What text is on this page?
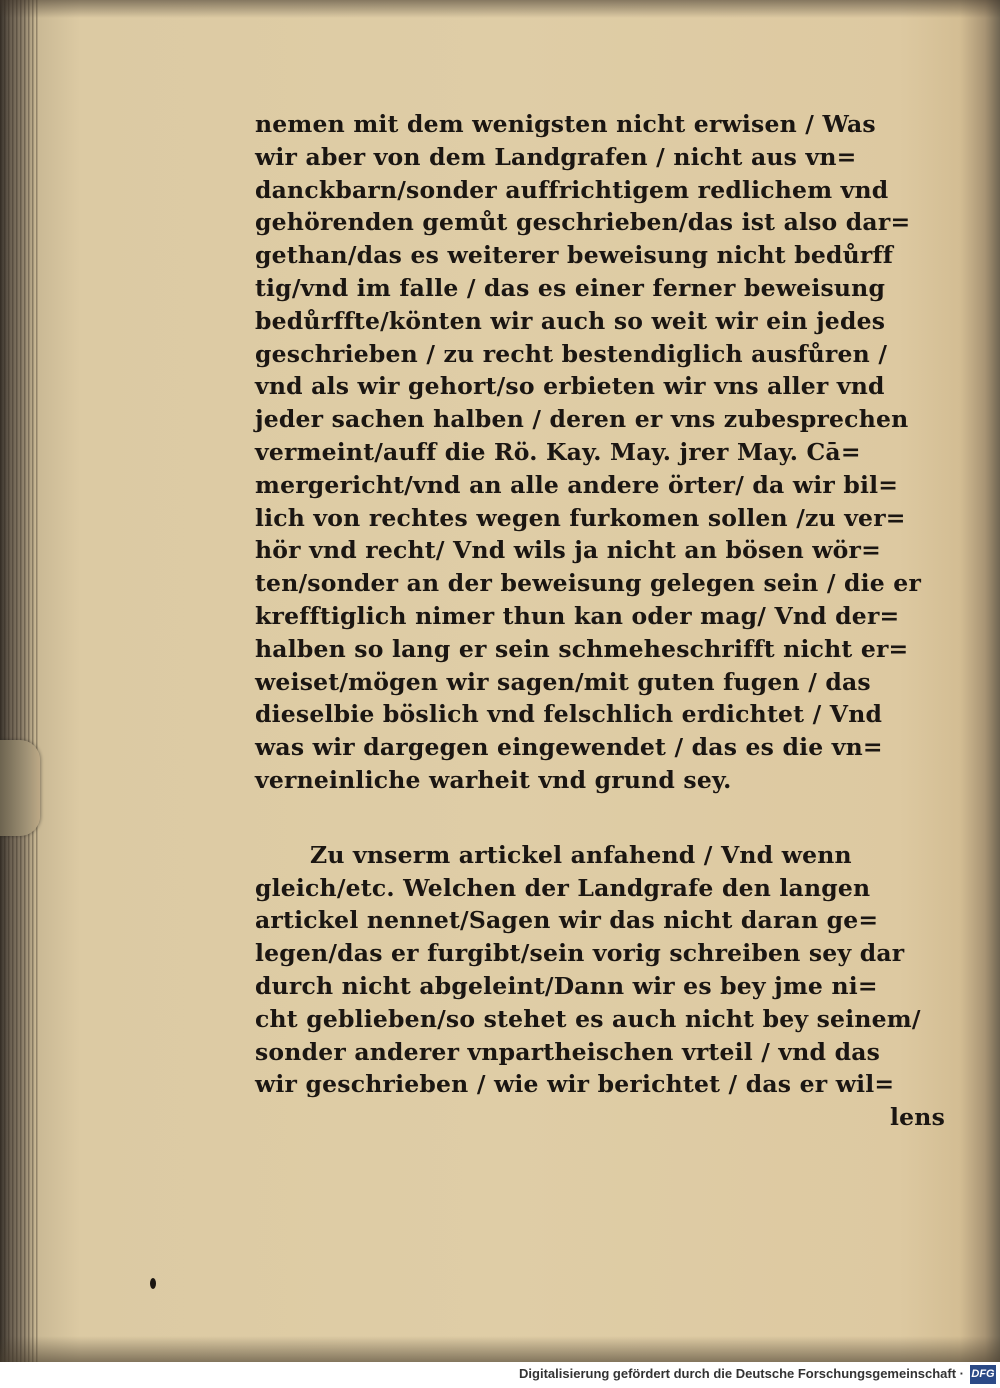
nemen mit dem wenigsten nicht erwisen / Was
wir aber von dem Landgrafen / nicht aus vn=
danckbarn/sonder auffrichtigem redlichem vnd
gehörenden gemůt geschrieben/das ist also dar=
gethan/das es weiterer beweisung nicht bedůrff
tig/vnd im falle / das es einer ferner beweisung
bedůrffte/könten wir auch so weit wir ein jedes
geschrieben / zu recht bestendiglich ausfůren /
vnd als wir gehort/so erbieten wir vns aller vnd
jeder sachen halben / deren er vns zubesprechen
vermeint/auff die Rö. Kay. May. jrer May. Cā=
mergericht/vnd an alle andere örter/ da wir bil=
lich von rechtes wegen furkomen sollen /zu ver=
hör vnd recht/ Vnd wils ja nicht an bösen wör=
ten/sonder an der beweisung gelegen sein / die er
krefftiglich nimer thun kan oder mag/ Vnd der=
halben so lang er sein schmeheschrifft nicht er=
weiset/mögen wir sagen/mit guten fugen / das
dieselbie böslich vnd felschlich erdichtet / Vnd
was wir dargegen eingewendet / das es die vn=
verneinliche warheit vnd grund sey.
Zu vnserm artickel anfahend / Vnd wenn
gleich/etc. Welchen der Landgrafe den langen
artickel nennet/Sagen wir das nicht daran ge=
legen/das er furgibt/sein vorig schreiben sey dar
durch nicht abgeleint/Dann wir es bey jme ni=
cht geblieben/so stehet es auch nicht bey seinem/
sonder anderer vnpartheischen vrteil / vnd das
wir geschrieben / wie wir berichtet / das er wil=
lens
Digitalisierung gefördert durch die Deutsche Forschungsgemeinschaft · DFG
